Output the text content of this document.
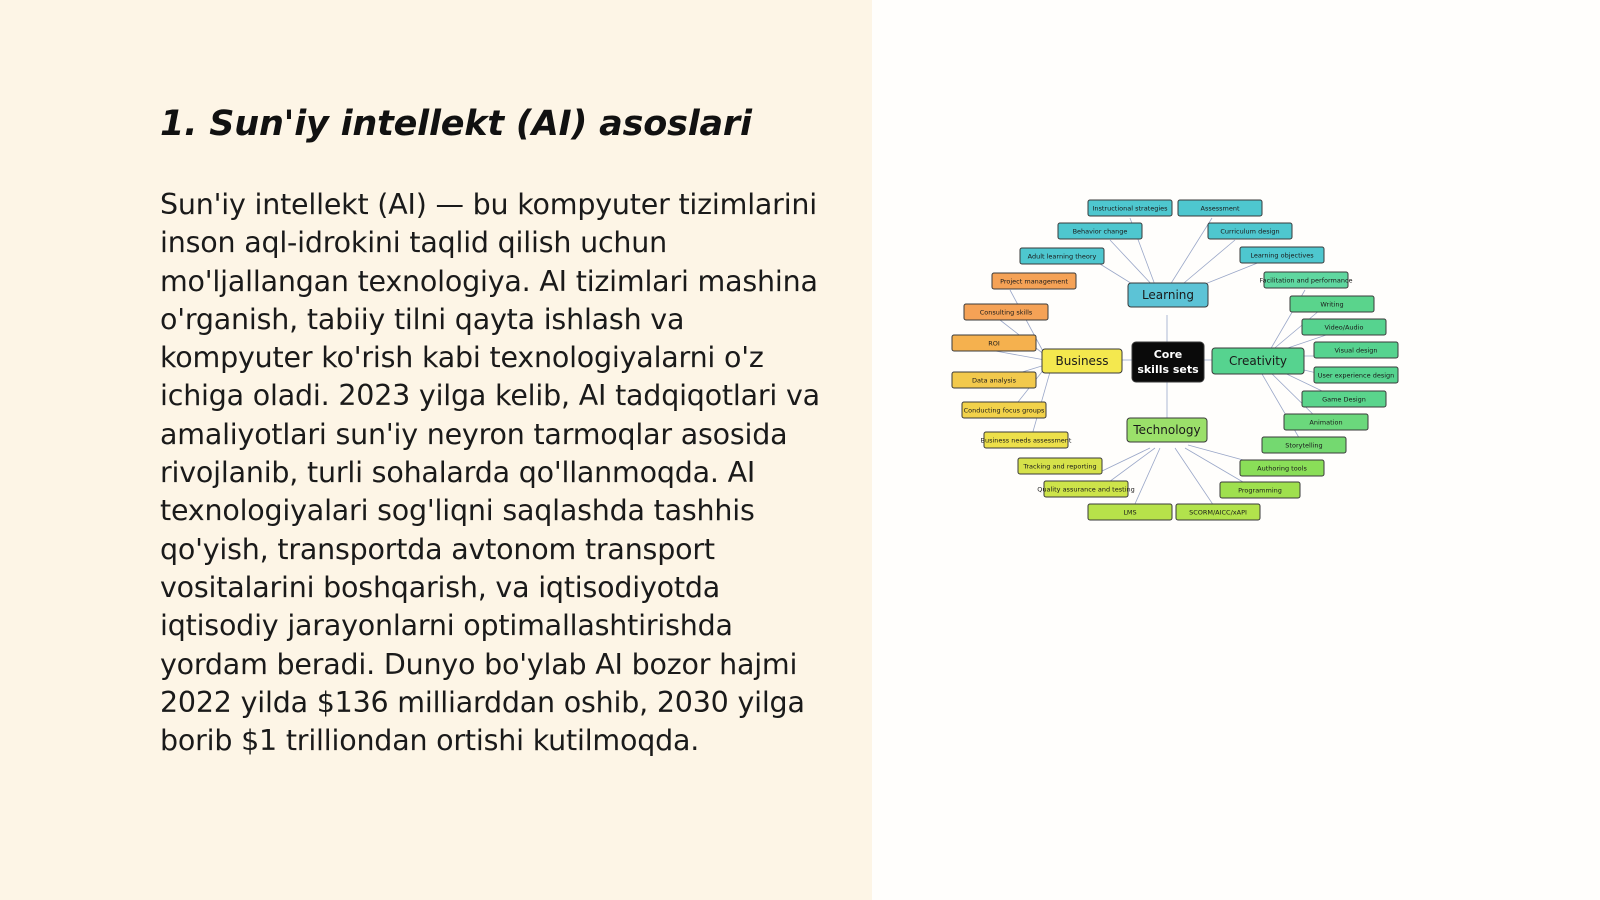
1. Sun'iy intellekt (AI) asoslari

Sun'iy intellekt (AI) — bu kompyuter tizimlarini inson aql-idrokini taqlid qilish uchun mo'ljallangan texnologiya. AI tizimlari mashina o'rganish, tabiiy tilni qayta ishlash va kompyuter ko'rish kabi texnologiyalarni o'z ichiga oladi. 2023 yilga kelib, AI tadqiqotlari va amaliyotlari sun'iy neyron tarmoqlar asosida rivojlanib, turli sohalarda qo'llanmoqda. AI texnologiyalari sog'liqni saqlashda tashhis qo'yish, transportda avtonom transport vositalarini boshqarish, va iqtisodiyotda iqtisodiy jarayonlarni optimallashtirishda yordam beradi. Dunyo bo'ylab AI bozor hajmi 2022 yilda $136 milliarddan oshib, 2030 yilga borib $1 trilliondan ortishi kutilmoqda.

Core
skills sets
Learning
Business	Creativity
Technology
Instructional strategies	Assessment
Behavior change	Curriculum design
Adult learning theory	Learning objectives
Project management
Consulting skills
ROI
Data analysis
Conducting focus groups
Business needs assessment
Facilitation and performance
Writing
Video/Audio
Visual design
User experience design
Game Design
Animation
Storytelling
Tracking and reporting
Quality assurance and testing
LMS	SCORM/AICC/xAPI
Programming
Authoring tools
